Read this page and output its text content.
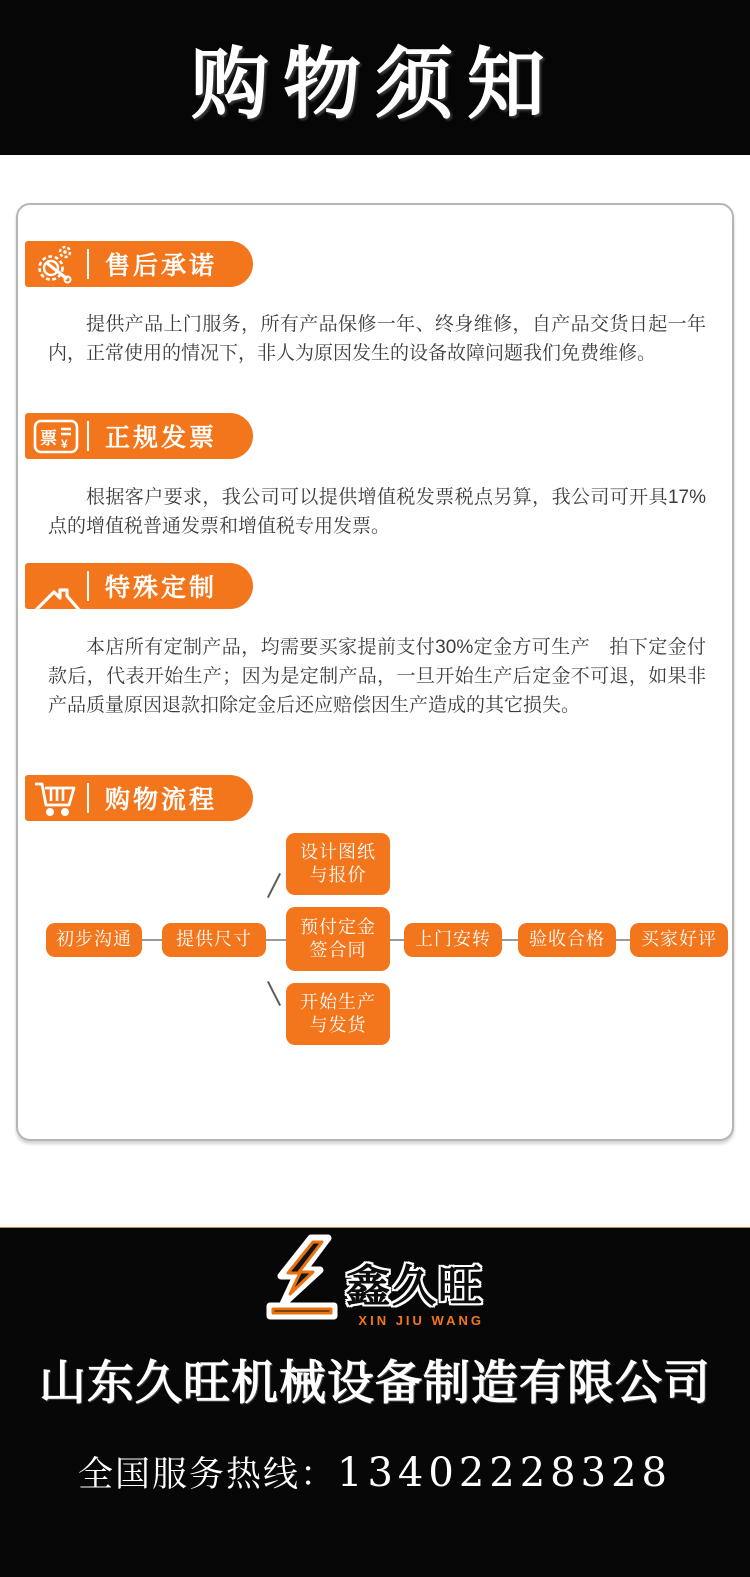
购物须知
售后承诺

提供产品上门服务，所有产品保修一年、终身维修，自产品交货日起一年内，正常使用的情况下，非人为原因发生的设备故障问题我们免费维修。

票 ¥ 正规发票

根据客户要求，我公司可以提供增值税发票税点另算，我公司可开具17%点的增值税普通发票和增值税专用发票。

特殊定制

本店所有定制产品，均需要买家提前支付30%定金方可生产　拍下定金付款后，代表开始生产；因为是定制产品，一旦开始生产后定金不可退，如果非产品质量原因退款扣除定金后还应赔偿因生产造成的其它损失。

购物流程
设计图纸
与报价
预付定金
签合同
开始生产
与发货
初步沟通	提供尺寸	上门安转	验收合格	买家好评
鑫久旺
XIN JIU WANG
山东久旺机械设备制造有限公司
全国服务热线：13402228328
